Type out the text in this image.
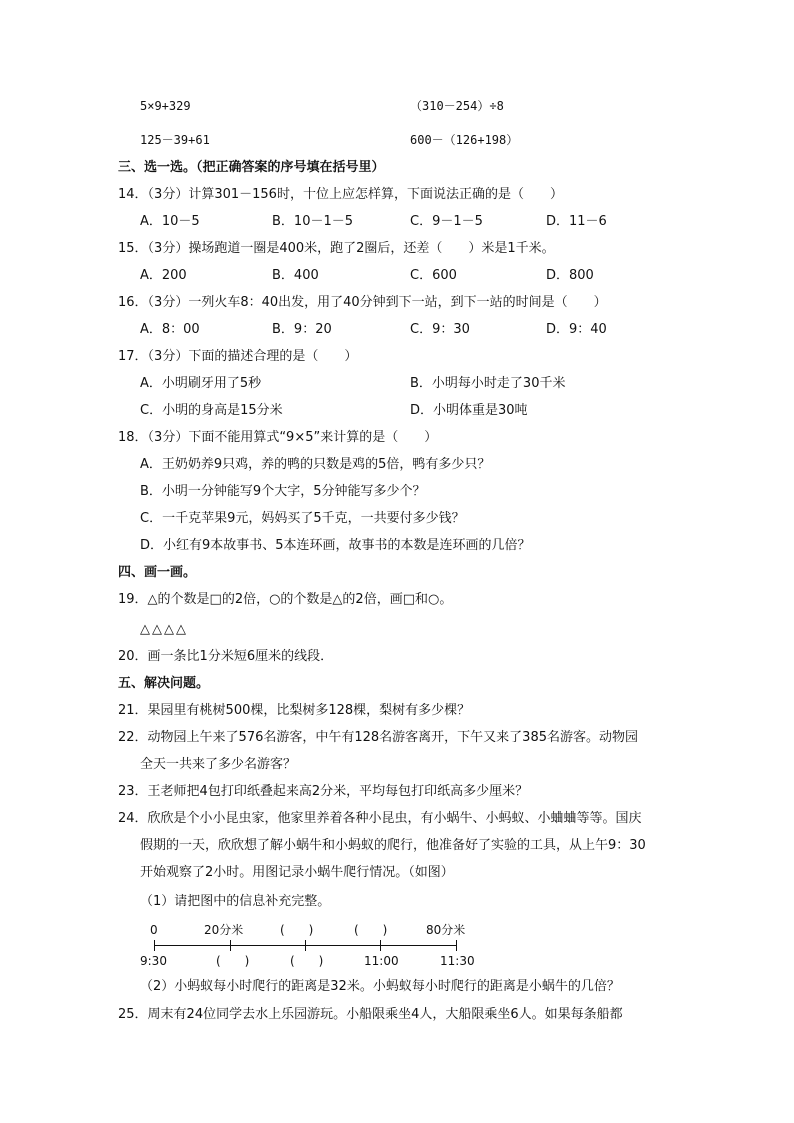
5×9+329	（310－254）÷8
125－39+61	600－（126+198）
三、选一选。（把正确答案的序号填在括号里）
14．（3分）计算301－156时，十位上应怎样算，下面说法正确的是（　　）
A．10－5	B．10－1－5	C．9－1－5	D．11－6
15．（3分）操场跑道一圈是400米，跑了2圈后，还差（　　）米是1千米。
A．200	B．400	C．600	D．800
16．（3分）一列火车8：40出发，用了40分钟到下一站，到下一站的时间是（　　）
A．8：00	B．9：20	C．9：30	D．9：40
17．（3分）下面的描述合理的是（　　）
A．小明刷牙用了5秒	B．小明每小时走了30千米
C．小明的身高是15分米	D．小明体重是30吨
18．（3分）下面不能用算式“9×5”来计算的是（　　）
A．王奶奶养9只鸡，养的鸭的只数是鸡的5倍，鸭有多少只？
B．小明一分钟能写9个大字，5分钟能写多少个？
C．一千克苹果9元，妈妈买了5千克，一共要付多少钱？
D．小红有9本故事书、5本连环画，故事书的本数是连环画的几倍？
四、画一画。
19．△的个数是□的2倍，○的个数是△的2倍，画□和○。
△△△△
20．画一条比1分米短6厘米的线段．
五、解决问题。
21．果园里有桃树500棵，比梨树多128棵，梨树有多少棵？
22．动物园上午来了576名游客，中午有128名游客离开，下午又来了385名游客。动物园
全天一共来了多少名游客？
23．王老师把4包打印纸叠起来高2分米，平均每包打印纸高多少厘米？
24．欣欣是个小小昆虫家，他家里养着各种小昆虫，有小蜗牛、小蚂蚁、小蛐蛐等等。国庆
假期的一天，欣欣想了解小蜗牛和小蚂蚁的爬行，他准备好了实验的工具，从上午9：30
开始观察了2小时。用图记录小蜗牛爬行情况。（如图）
（1）请把图中的信息补充完整。
0	20分米	(　　)	(　　)	80分米
9:30	(　　)	(　　)	11:00	11:30
（2）小蚂蚁每小时爬行的距离是32米。小蚂蚁每小时爬行的距离是小蜗牛的几倍？
25．周末有24位同学去水上乐园游玩。小船限乘坐4人，大船限乘坐6人。如果每条船都
